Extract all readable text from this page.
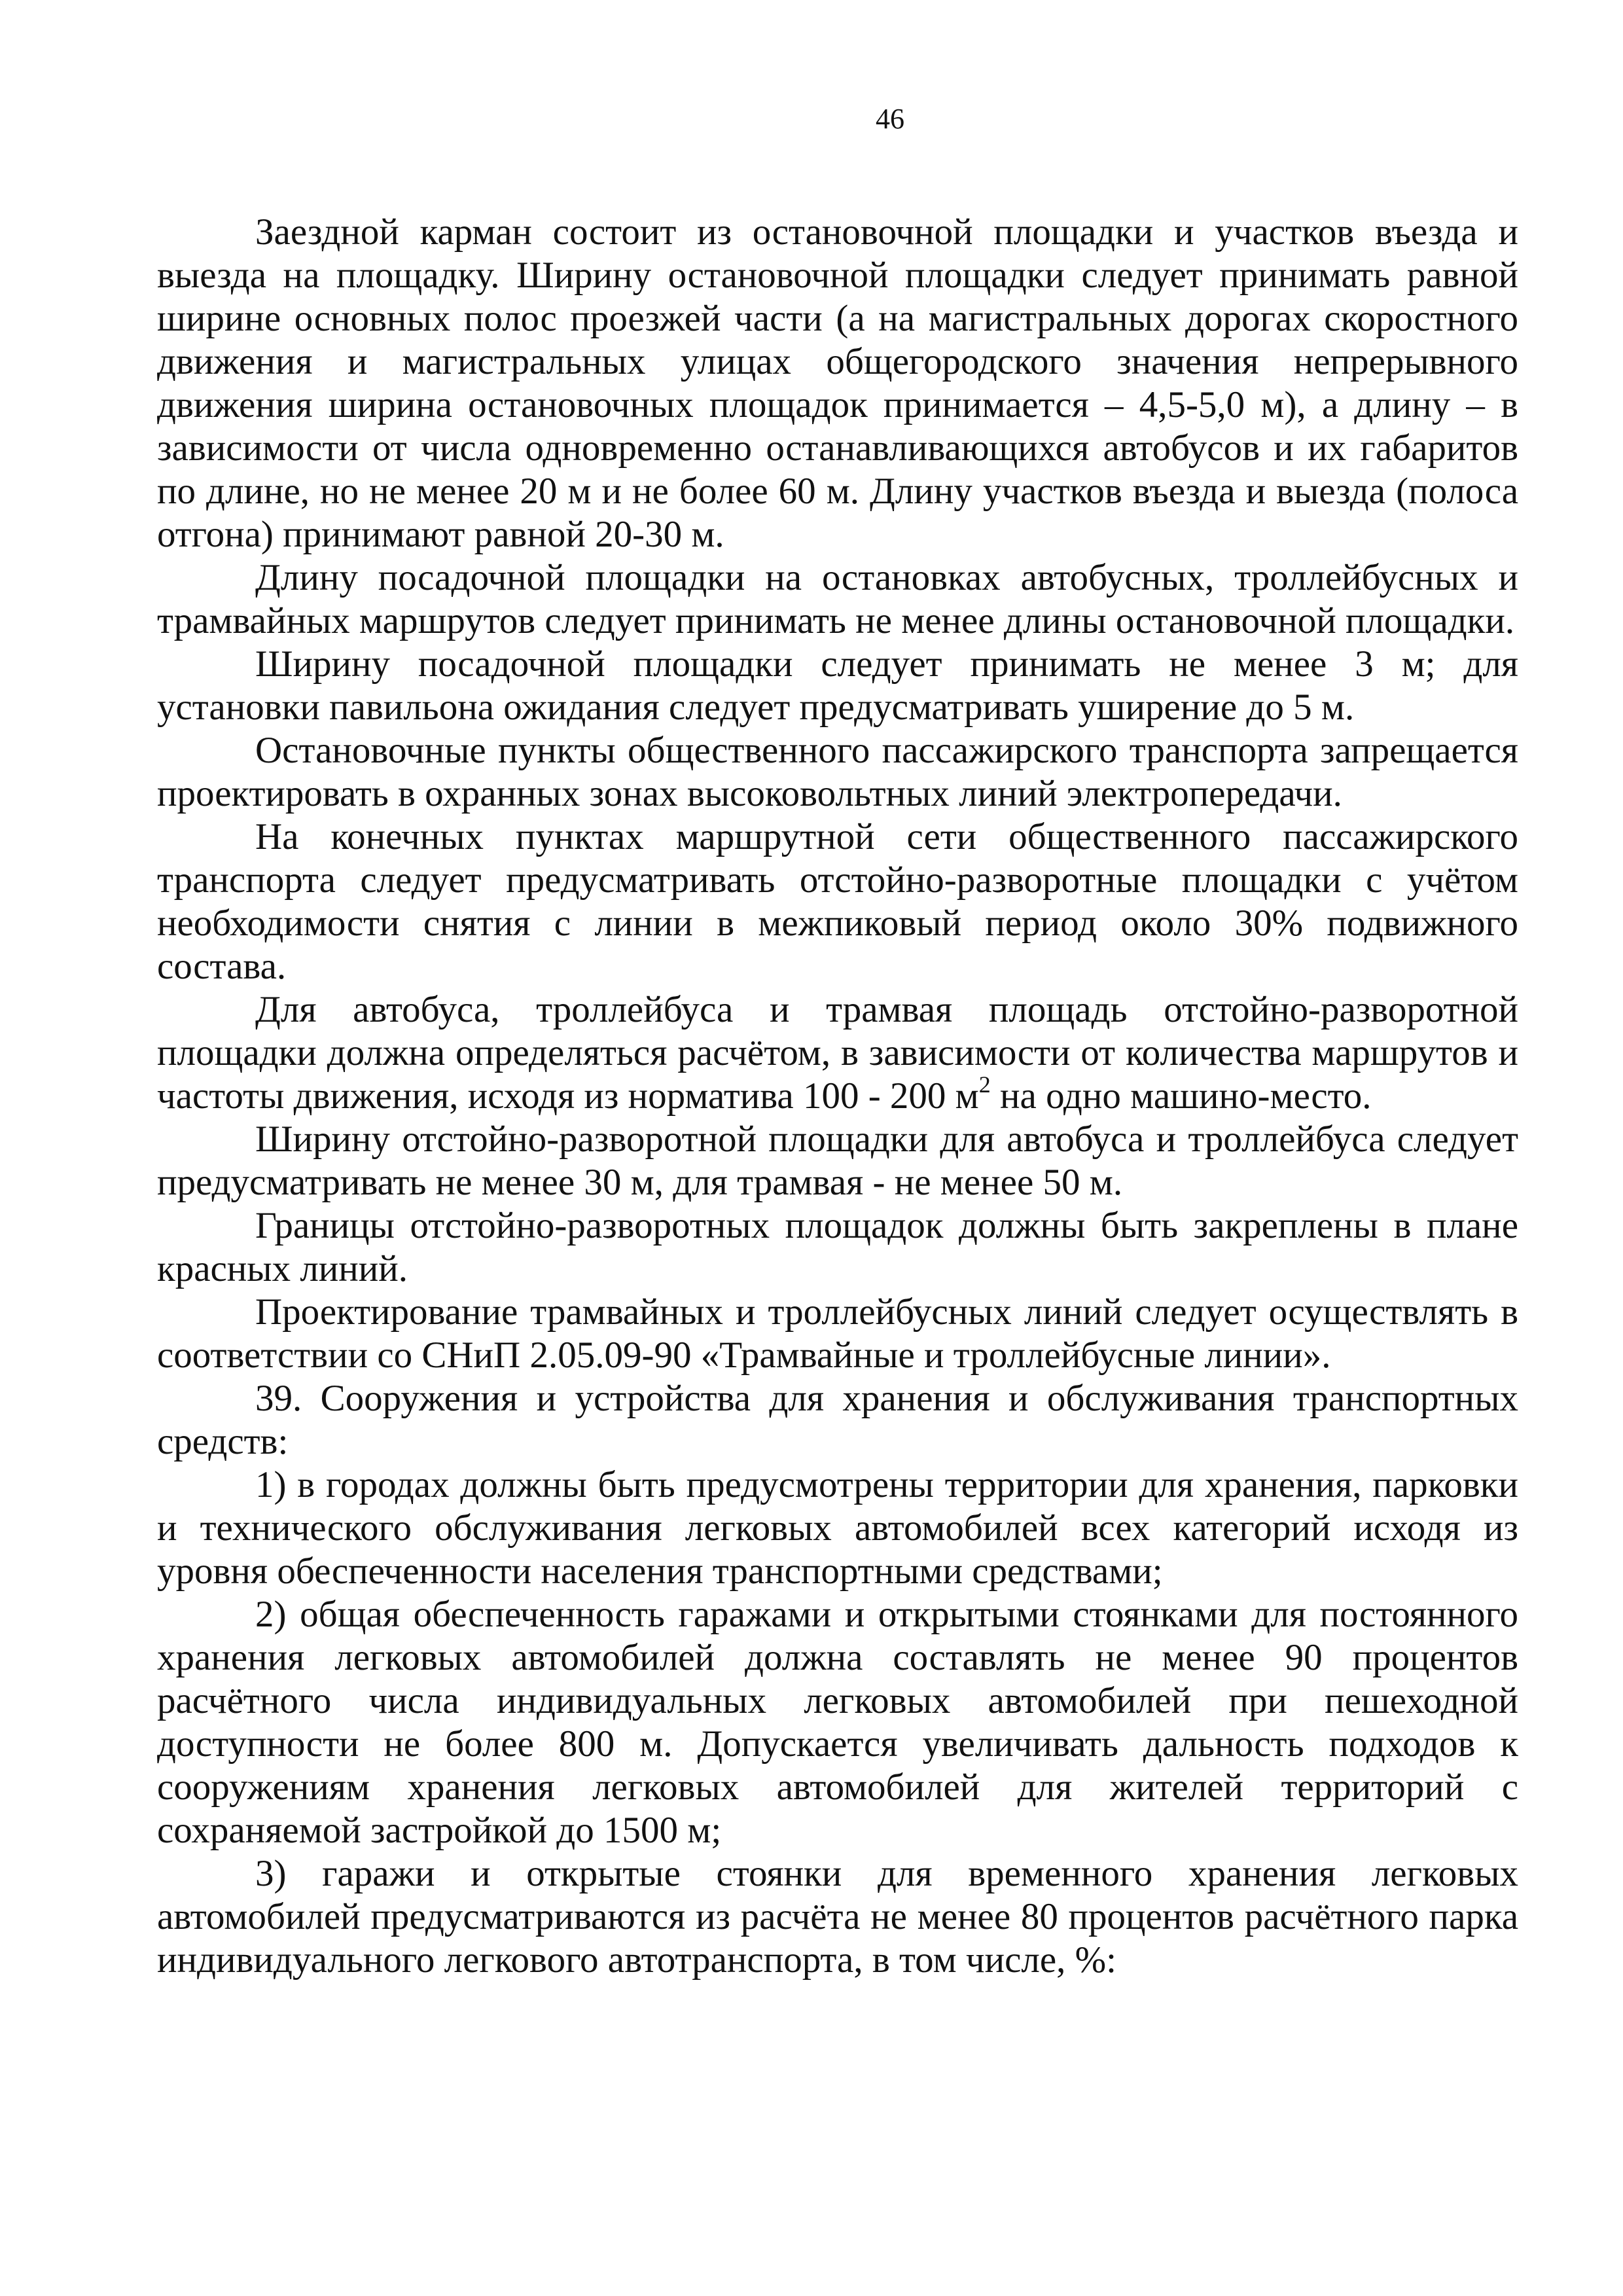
46

Заездной карман состоит из остановочной площадки и участков въезда и выезда на площадку. Ширину остановочной площадки следует принимать равной ширине основных полос проезжей части (а на магистральных дорогах скоростного движения и магистральных улицах общегородского значения непрерывного движения ширина остановочных площадок принимается – 4,5-5,0 м), а длину – в зависимости от числа одновременно останавливающихся автобусов и их габаритов по длине, но не менее 20 м и не более 60 м. Длину участков въезда и выезда (полоса отгона) принимают равной 20-30 м.

Длину посадочной площадки на остановках автобусных, троллейбусных и трамвайных маршрутов следует принимать не менее длины остановочной площадки.

Ширину посадочной площадки следует принимать не менее 3 м; для установки павильона ожидания следует предусматривать уширение до 5 м.

Остановочные пункты общественного пассажирского транспорта запрещается проектировать в охранных зонах высоковольтных линий электропередачи.

На конечных пунктах маршрутной сети общественного пассажирского транспорта следует предусматривать отстойно-разворотные площадки с учётом необходимости снятия с линии в межпиковый период около 30% подвижного состава.

Для автобуса, троллейбуса и трамвая площадь отстойно-разворотной площадки должна определяться расчётом, в зависимости от количества маршрутов и частоты движения, исходя из норматива 100 - 200 $м^2$ на одно машино-место.

Ширину отстойно-разворотной площадки для автобуса и троллейбуса следует предусматривать не менее 30 м, для трамвая - не менее 50 м.

Границы отстойно-разворотных площадок должны быть закреплены в плане красных линий.

Проектирование трамвайных и троллейбусных линий следует осуществлять в соответствии со СНиП 2.05.09-90 «Трамвайные и троллейбусные линии».

39. Сооружения и устройства для хранения и обслуживания транспортных средств:

1) в городах должны быть предусмотрены территории для хранения, парковки и технического обслуживания легковых автомобилей всех категорий исходя из уровня обеспеченности населения транспортными средствами;

2) общая обеспеченность гаражами и открытыми стоянками для постоянного хранения легковых автомобилей должна составлять не менее 90 процентов расчётного числа индивидуальных легковых автомобилей при пешеходной доступности не более 800 м. Допускается увеличивать дальность подходов к сооружениям хранения легковых автомобилей для жителей территорий с сохраняемой застройкой до 1500 м;

3) гаражи и открытые стоянки для временного хранения легковых автомобилей предусматриваются из расчёта не менее 80 процентов расчётного парка индивидуального легкового автотранспорта, в том числе, %:
